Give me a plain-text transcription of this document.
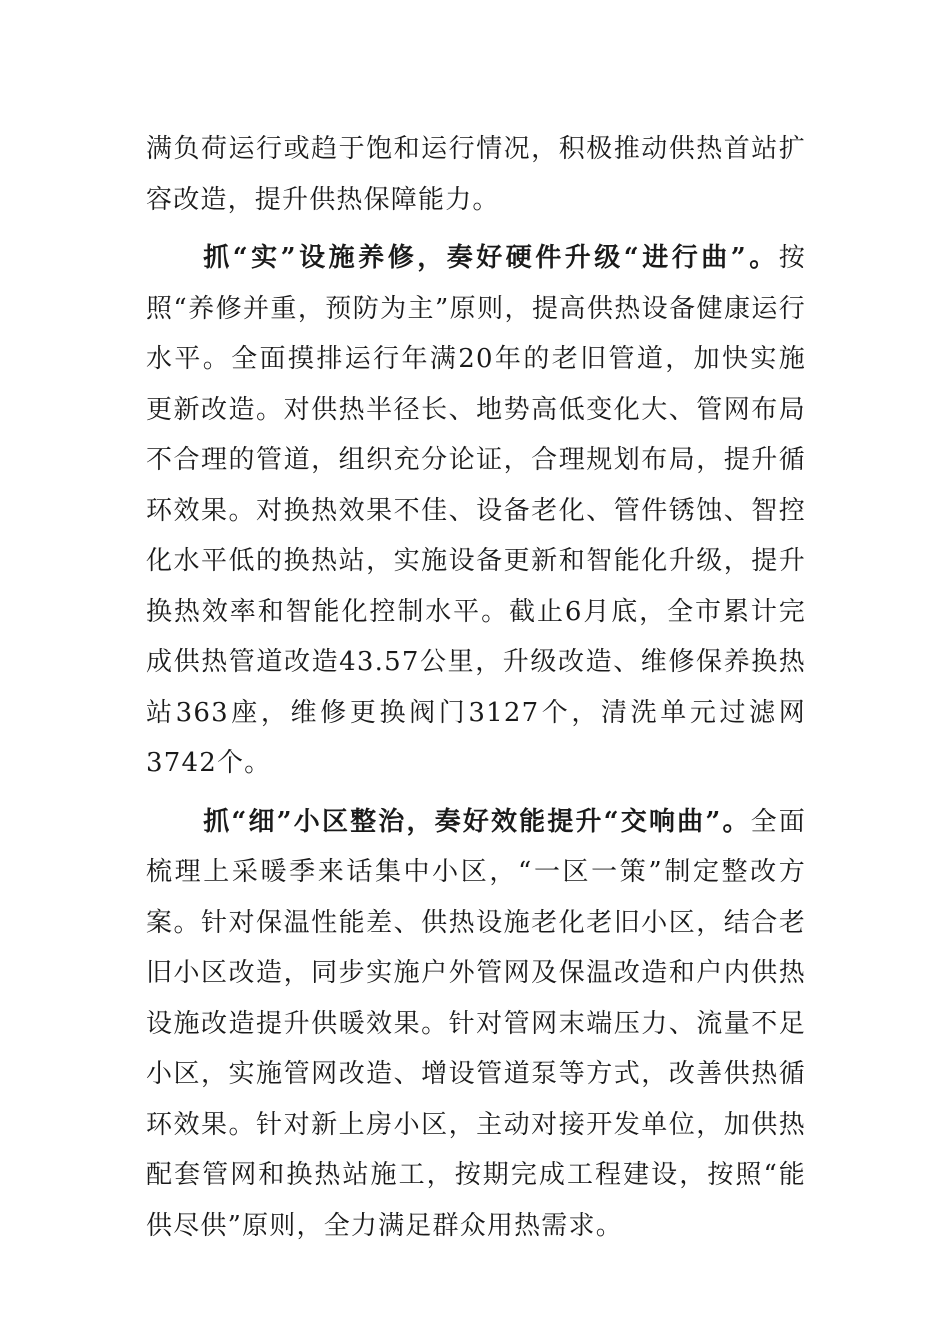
满负荷运行或趋于饱和运行情况，积极推动供热首站扩容改造，提升供热保障能力。

抓“实”设施养修，奏好硬件升级“进行曲”。按照“养修并重，预防为主”原则，提高供热设备健康运行水平。全面摸排运行年满20年的老旧管道，加快实施更新改造。对供热半径长、地势高低变化大、管网布局不合理的管道，组织充分论证，合理规划布局，提升循环效果。对换热效果不佳、设备老化、管件锈蚀、智控化水平低的换热站，实施设备更新和智能化升级，提升换热效率和智能化控制水平。截止6月底，全市累计完成供热管道改造43.57公里，升级改造、维修保养换热站363座，维修更换阀门3127个，清洗单元过滤网3742个。

抓“细”小区整治，奏好效能提升“交响曲”。全面梳理上采暖季来话集中小区，“一区一策”制定整改方案。针对保温性能差、供热设施老化老旧小区，结合老旧小区改造，同步实施户外管网及保温改造和户内供热设施改造提升供暖效果。针对管网末端压力、流量不足小区，实施管网改造、增设管道泵等方式，改善供热循环效果。针对新上房小区，主动对接开发单位，加供热配套管网和换热站施工，按期完成工程建设，按照“能供尽供”原则，全力满足群众用热需求。
